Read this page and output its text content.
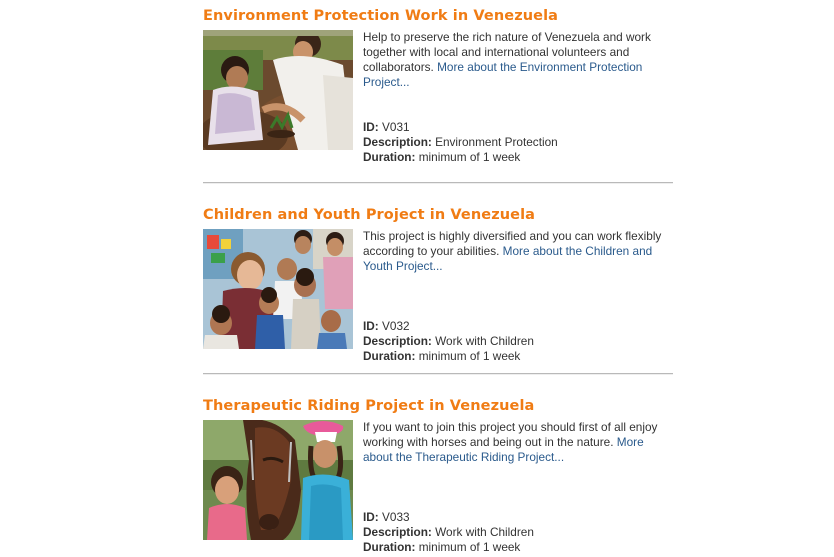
Environment Protection Work in Venezuela
Help to preserve the rich nature of Venezuela and work together with local and international volunteers and collaborators. More about the Environment Protection Project...
ID: V031
Description: Environment Protection
Duration: minimum of 1 week
Children and Youth Project in Venezuela
This project is highly diversified and you can work flexibly according to your abilities. More about the Children and Youth Project...
ID: V032
Description: Work with Children
Duration: minimum of 1 week
Therapeutic Riding Project in Venezuela
If you want to join this project you should first of all enjoy working with horses and being out in the nature. More about the Therapeutic Riding Project...
ID: V033
Description: Work with Children
Duration: minimum of 1 week
